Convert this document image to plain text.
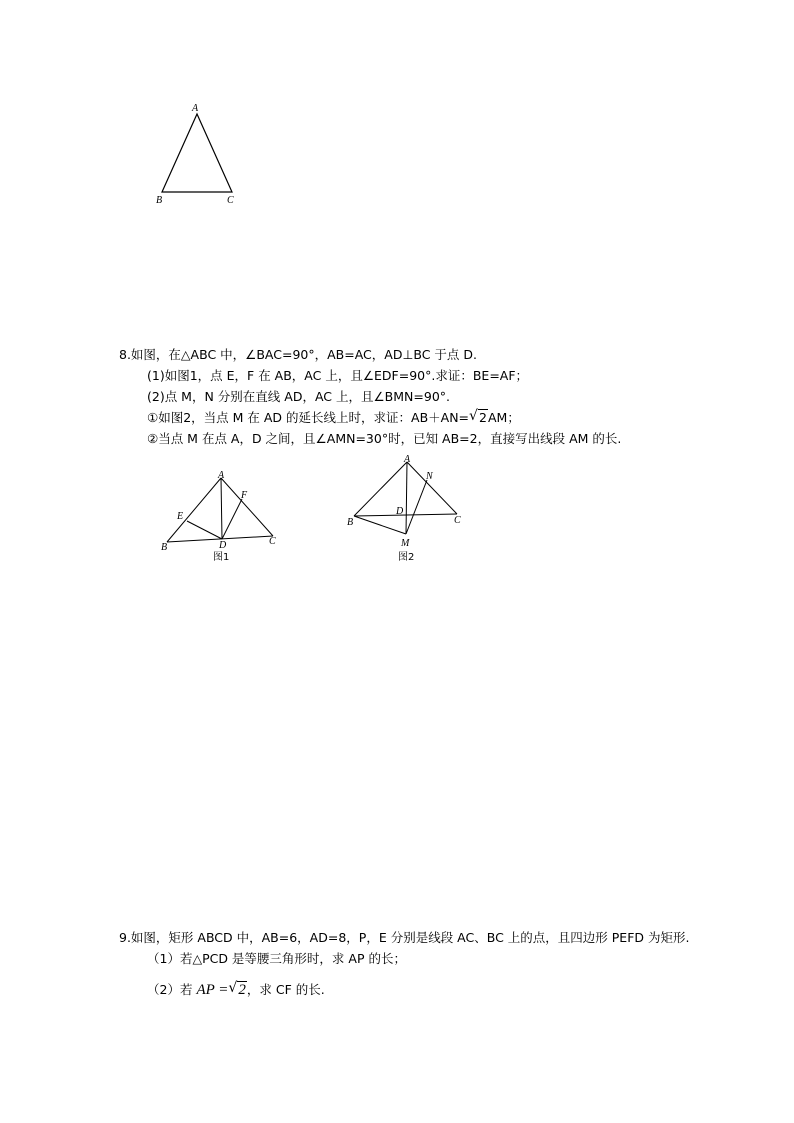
A
B	C
8.如图，在△ABC 中，∠BAC=90°，AB=AC，AD⊥BC 于点 D.
(1)如图1，点 E，F 在 AB，AC 上，且∠EDF=90°.求证：BE=AF；
(2)点 M，N 分别在直线 AD，AC 上，且∠BMN=90°.
①如图2，当点 M 在 AD 的延长线上时，求证：AB＋AN= √ 2AM；
②当点 M 在点 A，D 之间，且∠AMN=30°时，已知 AB=2，直接写出线段 AM 的长.
A
F
E
B	D	C
图1
A
N
D
B	C
M
图2
9.如图，矩形 ABCD 中，AB=6，AD=8，P，E 分别是线段 AC、BC 上的点，且四边形 PEFD 为矩形.
（1）若△PCD 是等腰三角形时，求 AP 的长；
（2）若 AP = √ 2，求 CF 的长.
